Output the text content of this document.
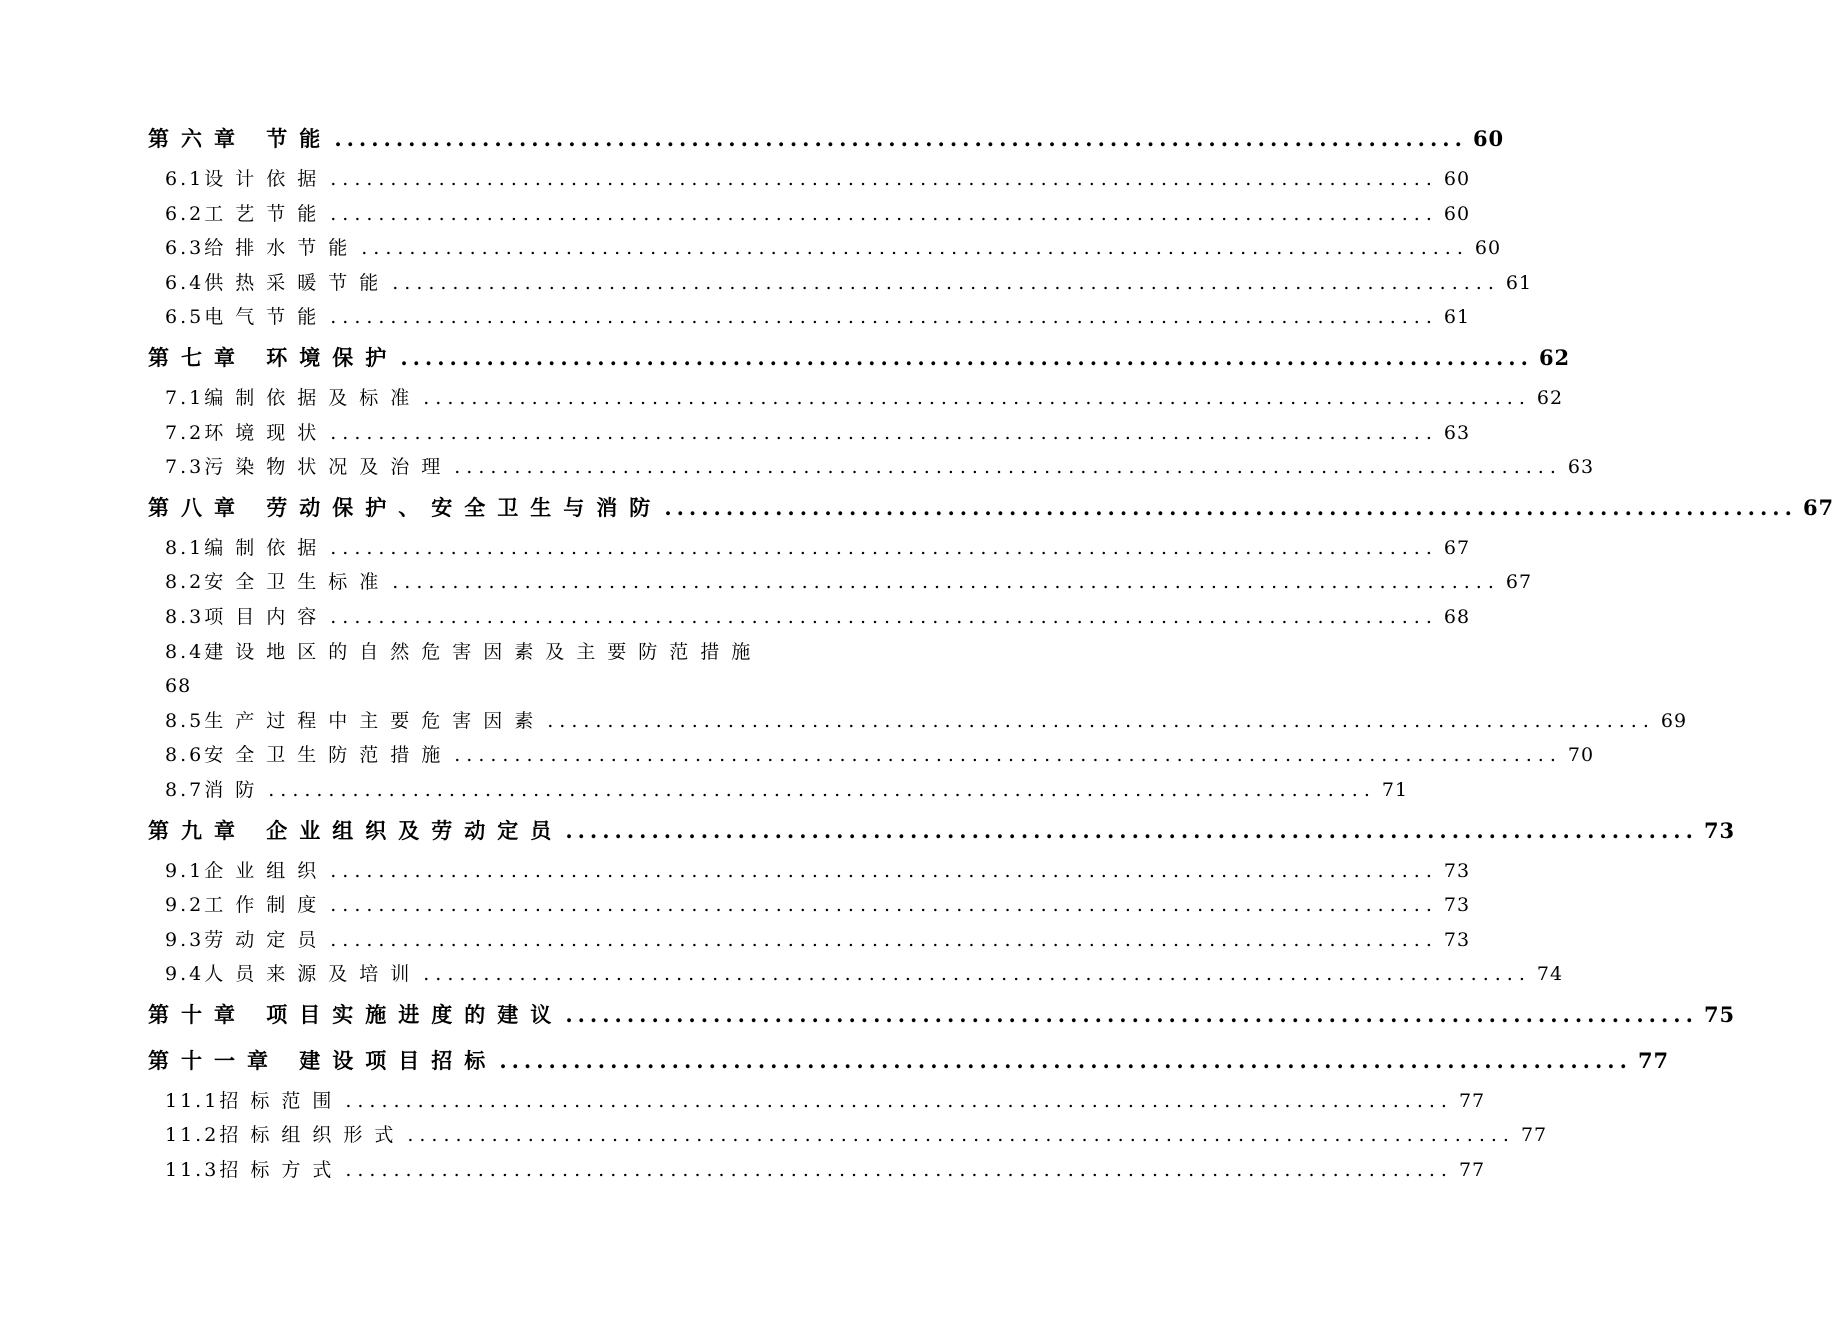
第六章 节能 ............................................................................................ 60
6.1 设计依据 ............................................................................................ 60
6.2 工艺节能 ............................................................................................ 60
6.3 给排水节能 ............................................................................................ 60
6.4 供热采暖节能 ............................................................................................ 61
6.5 电气节能 ............................................................................................ 61
第七章 环境保护 ............................................................................................ 62
7.1 编制依据及标准 ............................................................................................ 62
7.2 环境现状 ............................................................................................ 63
7.3 污染物状况及治理 ............................................................................................ 63
第八章 劳动保护、安全卫生与消防 ............................................................................................ 67
8.1 编制依据 ............................................................................................ 67
8.2 安全卫生标准 ............................................................................................ 67
8.3 项目内容 ............................................................................................ 68
8.4建设地区的自然危害因素及主要防范措施
68
8.5 生产过程中主要危害因素 ............................................................................................ 69
8.6 安全卫生防范措施 ............................................................................................ 70
8.7 消防 ............................................................................................ 71
第九章 企业组织及劳动定员 ............................................................................................ 73
9.1 企业组织 ............................................................................................ 73
9.2 工作制度 ............................................................................................ 73
9.3 劳动定员 ............................................................................................ 73
9.4 人员来源及培训 ............................................................................................ 74
第十章 项目实施进度的建议 ............................................................................................ 75
第十一章 建设项目招标 ............................................................................................ 77
11.1 招标范围 ............................................................................................ 77
11.2 招标组织形式 ............................................................................................ 77
11.3 招标方式 ............................................................................................ 77
